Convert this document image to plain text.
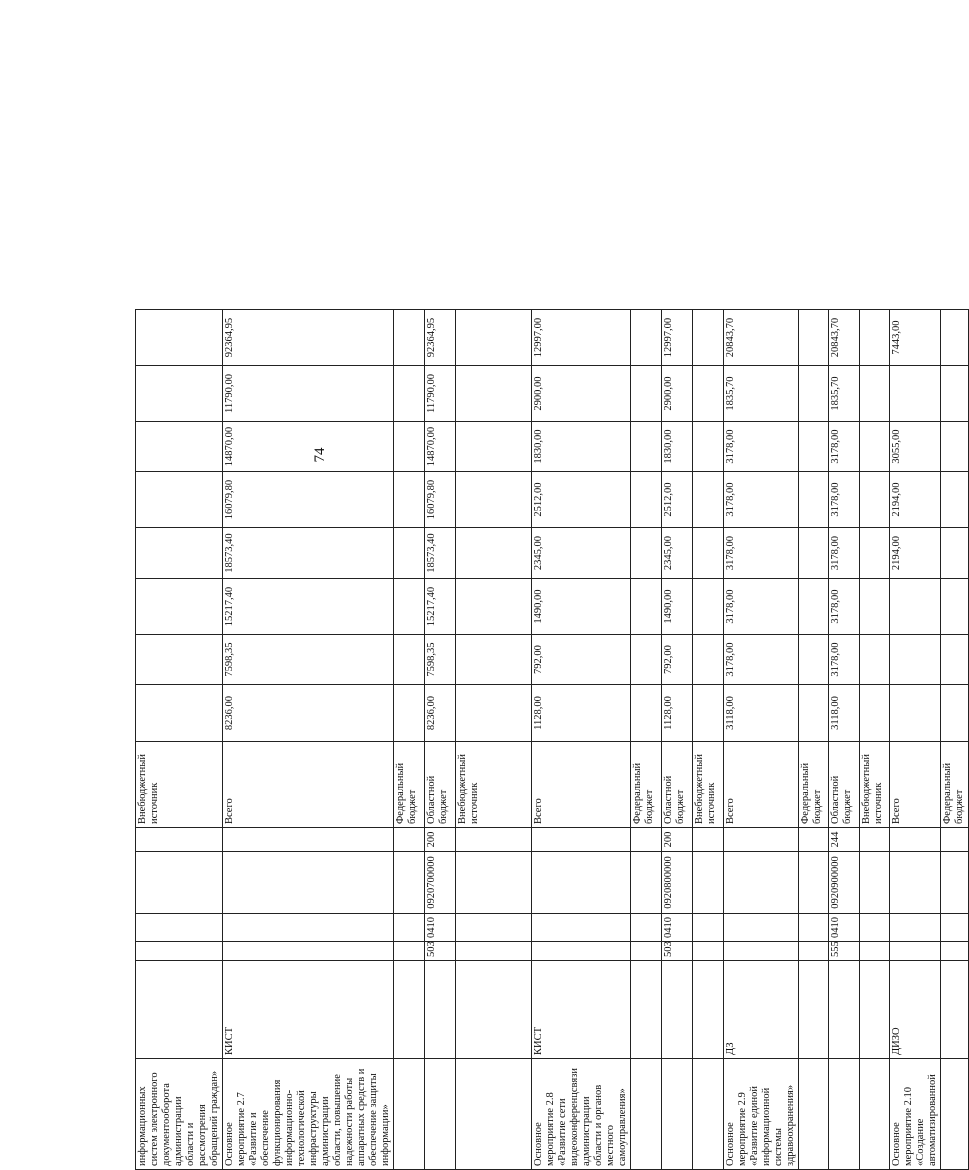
74
информационных систем электронного документооборота администрации области и рассмотрения обращений граждан»						Внебюджетный источник								
Основное мероприятие 2.7 «Развитие и обеспечение функционирования информационно-технологической инфраструктуры администрации области, повышение надежности работы аппаратных средств и обеспечение защиты информации»	КИСТ					Всего	8236,00	7598,35	15217,40	18573,40	16079,80	14870,00	11790,00	92364,95
						Федеральный бюджет								
		503	0410	0920700000	200	Областной бюджет	8236,00	7598,35	15217,40	18573,40	16079,80	14870,00	11790,00	92364,95
						Внебюджетный источник								
Основное мероприятие 2.8 «Развитие сети видеоконференцсвязи администрации области и органов местного самоуправления»	КИСТ					Всего	1128,00	792,00	1490,00	2345,00	2512,00	1830,00	2900,00	12997,00
						Федеральный бюджет								
		503	0410	0920800000	200	Областной бюджет	1128,00	792,00	1490,00	2345,00	2512,00	1830,00	2900,00	12997,00
						Внебюджетный источник								
Основное мероприятие 2.9 «Развитие единой информационной системы здравоохранения»	ДЗ					Всего	3118,00	3178,00	3178,00	3178,00	3178,00	3178,00	1835,70	20843,70
						Федеральный бюджет								
		555	0410	0920900000	244	Областной бюджет	3118,00	3178,00	3178,00	3178,00	3178,00	3178,00	1835,70	20843,70
						Внебюджетный источник								
Основное мероприятие 2.10 «Создание автоматизированной	ДИЗО					Всего				2194,00	2194,00	3055,00		7443,00
						Федеральный бюджет								
